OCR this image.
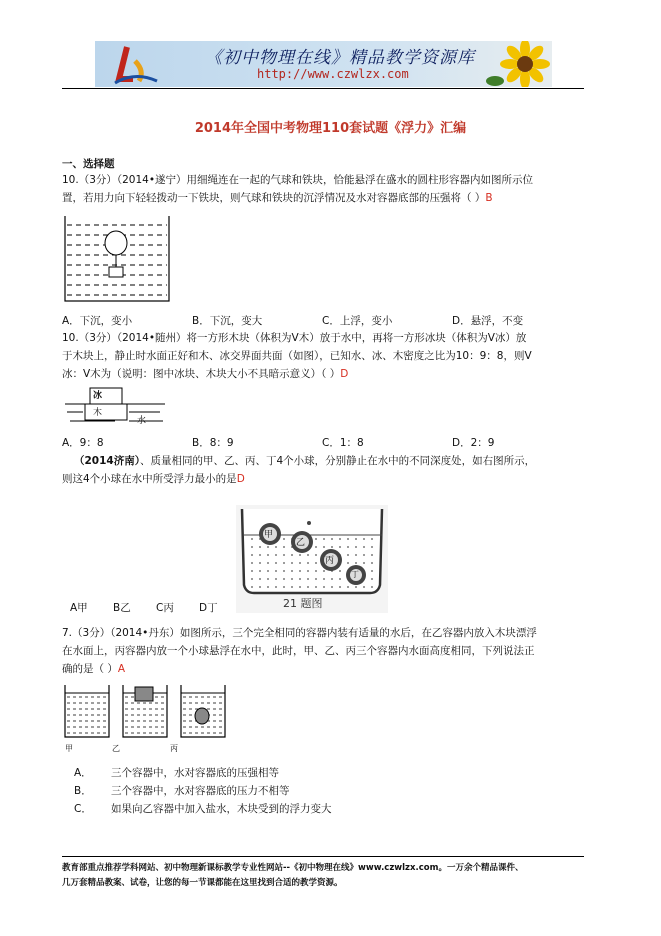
《初中物理在线》精品教学资源库
http://www.czwlzx.com
2014年全国中考物理110套试题《浮力》汇编
一、选择题
10.（3分）（2014•遂宁）用细绳连在一起的气球和铁块，恰能悬浮在盛水的圆柱形容器内如图所示位
置，若用力向下轻轻拨动一下铁块，则气球和铁块的沉浮情况及水对容器底部的压强将（ ）B
A．下沉，变小	B．下沉，变大	C．上浮，变小	D．悬浮，不变
10.（3分）（2014•随州）将一方形木块（体积为V木）放于水中，再将一方形冰块（体积为V冰）放
于木块上，静止时水面正好和木、冰交界面共面（如图），已知水、冰、木密度之比为10：9：8，则V
冰：V木为（说明：图中冰块、木块大小不具暗示意义）（ ）D
冰
木
水
A．9：8	B．8：9	C．1：8	D．2：9
（2014济南）、质量相同的甲、乙、丙、丁4个小球，分别静止在水中的不同深度处，如右图所示，
则这4个小球在水中所受浮力最小的是D
甲
乙
丙
丁
21 题图
A甲 B乙 C丙 D丁
7.（3分）（2014•丹东）如图所示，三个完全相同的容器内装有适量的水后，在乙容器内放入木块漂浮
在水面上，丙容器内放一个小球悬浮在水中，此时，甲、乙、丙三个容器内水面高度相同，下列说法正
确的是（ ）A
甲	乙	丙
A． 三个容器中，水对容器底的压强相等
B． 三个容器中，水对容器底的压力不相等
C． 如果向乙容器中加入盐水，木块受到的浮力变大
教育部重点推荐学科网站、初中物理新课标教学专业性网站--《初中物理在线》www.czwlzx.com。一万余个精品课件、
几万套精品教案、试卷，让您的每一节课都能在这里找到合适的教学资源。
